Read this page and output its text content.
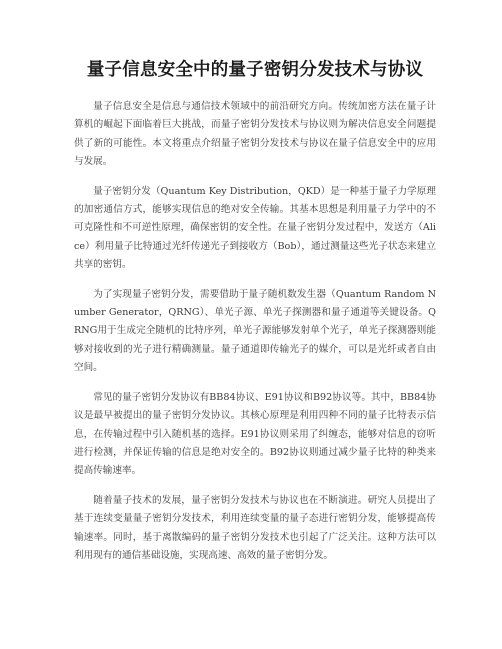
量子信息安全中的量子密钥分发技术与协议

量子信息安全是信息与通信技术领域中的前沿研究方向。传统加密方法在量子计算机的崛起下面临着巨大挑战，而量子密钥分发技术与协议则为解决信息安全问题提供了新的可能性。本文将重点介绍量子密钥分发技术与协议在量子信息安全中的应用与发展。

量子密钥分发（Quantum Key Distribution，QKD）是一种基于量子力学原理的加密通信方式，能够实现信息的绝对安全传输。其基本思想是利用量子力学中的不可克隆性和不可逆性原理，确保密钥的安全性。在量子密钥分发过程中，发送方（Alice）利用量子比特通过光纤传递光子到接收方（Bob），通过测量这些光子状态来建立共享的密钥。

为了实现量子密钥分发，需要借助于量子随机数发生器（Quantum Random Number Generator，QRNG）、单光子源、单光子探测器和量子通道等关键设备。QRNG用于生成完全随机的比特序列，单光子源能够发射单个光子，单光子探测器则能够对接收到的光子进行精确测量。量子通道即传输光子的媒介，可以是光纤或者自由空间。

常见的量子密钥分发协议有BB84协议、E91协议和B92协议等。其中，BB84协议是最早被提出的量子密钥分发协议。其核心原理是利用四种不同的量子比特表示信息，在传输过程中引入随机基的选择。E91协议则采用了纠缠态，能够对信息的窃听进行检测，并保证传输的信息是绝对安全的。B92协议则通过减少量子比特的种类来提高传输速率。

随着量子技术的发展，量子密钥分发技术与协议也在不断演进。研究人员提出了基于连续变量量子密钥分发技术，利用连续变量的量子态进行密钥分发，能够提高传输速率。同时，基于离散编码的量子密钥分发技术也引起了广泛关注。这种方法可以利用现有的通信基础设施，实现高速、高效的量子密钥分发。
